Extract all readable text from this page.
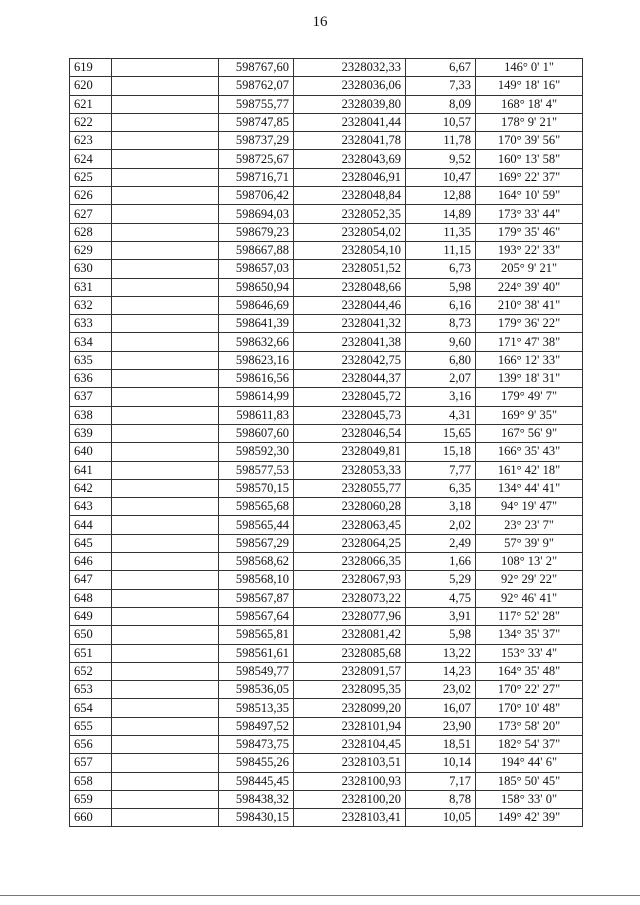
16
619		598767,60	2328032,33	6,67	146° 0' 1"
620		598762,07	2328036,06	7,33	149° 18' 16"
621		598755,77	2328039,80	8,09	168° 18' 4"
622		598747,85	2328041,44	10,57	178° 9' 21"
623		598737,29	2328041,78	11,78	170° 39' 56"
624		598725,67	2328043,69	9,52	160° 13' 58"
625		598716,71	2328046,91	10,47	169° 22' 37"
626		598706,42	2328048,84	12,88	164° 10' 59"
627		598694,03	2328052,35	14,89	173° 33' 44"
628		598679,23	2328054,02	11,35	179° 35' 46"
629		598667,88	2328054,10	11,15	193° 22' 33"
630		598657,03	2328051,52	6,73	205° 9' 21"
631		598650,94	2328048,66	5,98	224° 39' 40"
632		598646,69	2328044,46	6,16	210° 38' 41"
633		598641,39	2328041,32	8,73	179° 36' 22"
634		598632,66	2328041,38	9,60	171° 47' 38"
635		598623,16	2328042,75	6,80	166° 12' 33"
636		598616,56	2328044,37	2,07	139° 18' 31"
637		598614,99	2328045,72	3,16	179° 49' 7"
638		598611,83	2328045,73	4,31	169° 9' 35"
639		598607,60	2328046,54	15,65	167° 56' 9"
640		598592,30	2328049,81	15,18	166° 35' 43"
641		598577,53	2328053,33	7,77	161° 42' 18"
642		598570,15	2328055,77	6,35	134° 44' 41"
643		598565,68	2328060,28	3,18	94° 19' 47"
644		598565,44	2328063,45	2,02	23° 23' 7"
645		598567,29	2328064,25	2,49	57° 39' 9"
646		598568,62	2328066,35	1,66	108° 13' 2"
647		598568,10	2328067,93	5,29	92° 29' 22"
648		598567,87	2328073,22	4,75	92° 46' 41"
649		598567,64	2328077,96	3,91	117° 52' 28"
650		598565,81	2328081,42	5,98	134° 35' 37"
651		598561,61	2328085,68	13,22	153° 33' 4"
652		598549,77	2328091,57	14,23	164° 35' 48"
653		598536,05	2328095,35	23,02	170° 22' 27"
654		598513,35	2328099,20	16,07	170° 10' 48"
655		598497,52	2328101,94	23,90	173° 58' 20"
656		598473,75	2328104,45	18,51	182° 54' 37"
657		598455,26	2328103,51	10,14	194° 44' 6"
658		598445,45	2328100,93	7,17	185° 50' 45"
659		598438,32	2328100,20	8,78	158° 33' 0"
660		598430,15	2328103,41	10,05	149° 42' 39"
